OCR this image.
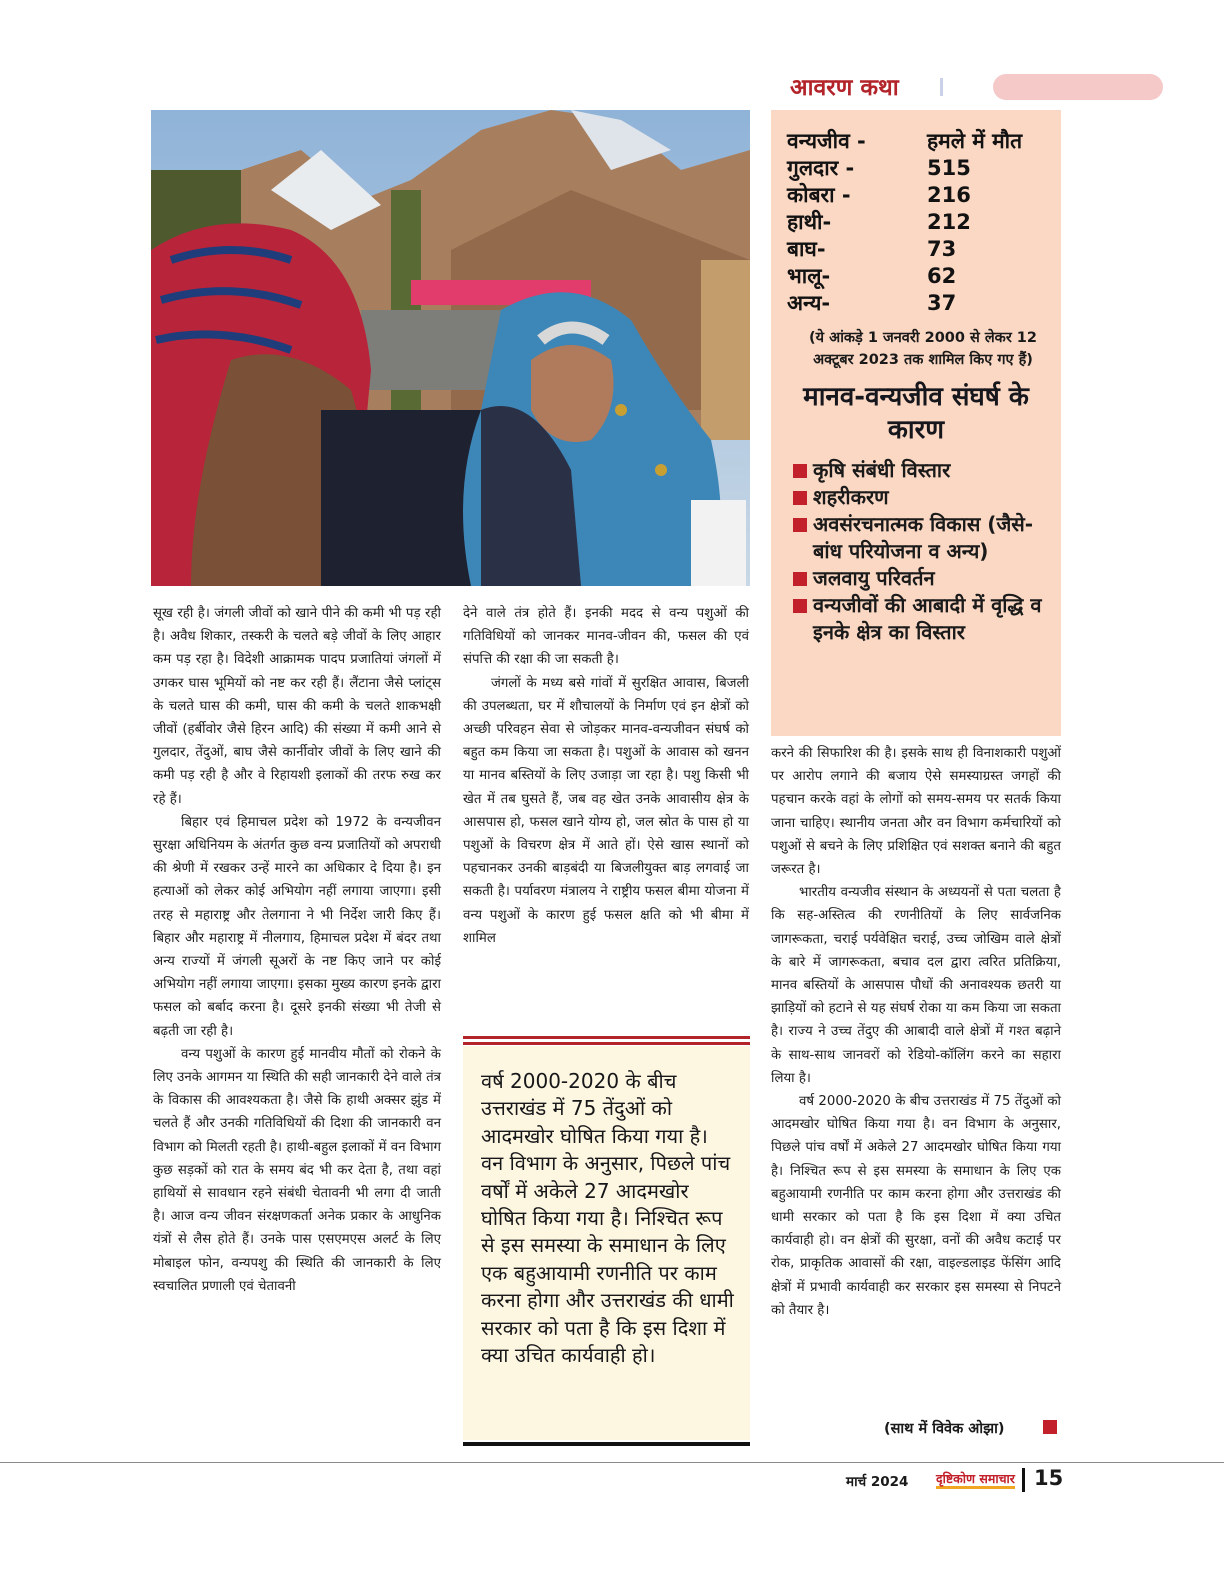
आवरण कथा
वन्यजीव -	हमले में मौत
गुलदार -	515
कोबरा -	216
हाथी-	212
बाघ-	73
भालू-	62
अन्य-	37
(ये आंकड़े 1 जनवरी 2000 से लेकर 12 अक्टूबर 2023 तक शामिल किए गए हैं)
मानव-वन्यजीव संघर्ष के कारण
कृषि संबंधी विस्तार
शहरीकरण
अवसंरचनात्मक विकास (जैसे-बांध परियोजना व अन्य)
जलवायु परिवर्तन
वन्यजीवों की आबादी में वृद्धि व इनके क्षेत्र का विस्तार

सूख रही है। जंगली जीवों को खाने पीने की कमी भी पड़ रही है। अवैध शिकार, तस्करी के चलते बड़े जीवों के लिए आहार कम पड़ रहा है। विदेशी आक्रामक पादप प्रजातियां जंगलों में उगकर घास भूमियों को नष्ट कर रही हैं। लैंटाना जैसे प्लांट्स के चलते घास की कमी, घास की कमी के चलते शाकभक्षी जीवों (हर्बीवोर जैसे हिरन आदि) की संख्या में कमी आने से गुलदार, तेंदुओं, बाघ जैसे कार्नीवोर जीवों के लिए खाने की कमी पड़ रही है और वे रिहायशी इलाकों की तरफ रुख कर रहे हैं।

बिहार एवं हिमाचल प्रदेश को 1972 के वन्यजीवन सुरक्षा अधिनियम के अंतर्गत कुछ वन्य प्रजातियों को अपराधी की श्रेणी में रखकर उन्हें मारने का अधिकार दे दिया है। इन हत्याओं को लेकर कोई अभियोग नहीं लगाया जाएगा। इसी तरह से महाराष्ट्र और तेलगाना ने भी निर्देश जारी किए हैं। बिहार और महाराष्ट्र में नीलगाय, हिमाचल प्रदेश में बंदर तथा अन्य राज्यों में जंगली सूअरों के नष्ट किए जाने पर कोई अभियोग नहीं लगाया जाएगा। इसका मुख्य कारण इनके द्वारा फसल को बर्बाद करना है। दूसरे इनकी संख्या भी तेजी से बढ़ती जा रही है।

वन्य पशुओं के कारण हुई मानवीय मौतों को रोकने के लिए उनके आगमन या स्थिति की सही जानकारी देने वाले तंत्र के विकास की आवश्यकता है। जैसे कि हाथी अक्सर झुंड में चलते हैं और उनकी गतिविधियों की दिशा की जानकारी वन विभाग को मिलती रहती है। हाथी-बहुल इलाकों में वन विभाग कुछ सड़कों को रात के समय बंद भी कर देता है, तथा वहां हाथियों से सावधान रहने संबंधी चेतावनी भी लगा दी जाती है। आज वन्य जीवन संरक्षणकर्ता अनेक प्रकार के आधुनिक यंत्रों से लैस होते हैं। उनके पास एसएमएस अलर्ट के लिए मोबाइल फोन, वन्यपशु की स्थिति की जानकारी के लिए स्वचालित प्रणाली एवं चेतावनी

देने वाले तंत्र होते हैं। इनकी मदद से वन्य पशुओं की गतिविधियों को जानकर मानव-जीवन की, फसल की एवं संपत्ति की रक्षा की जा सकती है।

जंगलों के मध्य बसे गांवों में सुरक्षित आवास, बिजली की उपलब्धता, घर में शौचालयों के निर्माण एवं इन क्षेत्रों को अच्छी परिवहन सेवा से जोड़कर मानव-वन्यजीवन संघर्ष को बहुत कम किया जा सकता है। पशुओं के आवास को खनन या मानव बस्तियों के लिए उजाड़ा जा रहा है। पशु किसी भी खेत में तब घुसते हैं, जब वह खेत उनके आवासीय क्षेत्र के आसपास हो, फसल खाने योग्य हो, जल स्रोत के पास हो या पशुओं के विचरण क्षेत्र में आते हों। ऐसे खास स्थानों को पहचानकर उनकी बाड़बंदी या बिजलीयुक्त बाड़ लगवाई जा सकती है। पर्यावरण मंत्रालय ने राष्ट्रीय फसल बीमा योजना में वन्य पशुओं के कारण हुई फसल क्षति को भी बीमा में शामिल

वर्ष 2000-2020 के बीच उत्तराखंड में 75 तेंदुओं को आदमखोर घोषित किया गया है। वन विभाग के अनुसार, पिछले पांच वर्षों में अकेले 27 आदमखोर घोषित किया गया है। निश्चित रूप से इस समस्या के समाधान के लिए एक बहुआयामी रणनीति पर काम करना होगा और उत्तराखंड की धामी सरकार को पता है कि इस दिशा में क्या उचित कार्यवाही हो।

करने की सिफारिश की है। इसके साथ ही विनाशकारी पशुओं पर आरोप लगाने की बजाय ऐसे समस्याग्रस्त जगहों की पहचान करके वहां के लोगों को समय-समय पर सतर्क किया जाना चाहिए। स्थानीय जनता और वन विभाग कर्मचारियों को पशुओं से बचने के लिए प्रशिक्षित एवं सशक्त बनाने की बहुत जरूरत है।

भारतीय वन्यजीव संस्थान के अध्ययनों से पता चलता है कि सह-अस्तित्व की रणनीतियों के लिए सार्वजनिक जागरूकता, चराई पर्यवेक्षित चराई, उच्च जोखिम वाले क्षेत्रों के बारे में जागरूकता, बचाव दल द्वारा त्वरित प्रतिक्रिया, मानव बस्तियों के आसपास पौधों की अनावश्यक छतरी या झाड़ियों को हटाने से यह संघर्ष रोका या कम किया जा सकता है। राज्य ने उच्च तेंदुए की आबादी वाले क्षेत्रों में गश्त बढ़ाने के साथ-साथ जानवरों को रेडियो-कॉलिंग करने का सहारा लिया है।

वर्ष 2000-2020 के बीच उत्तराखंड में 75 तेंदुओं को आदमखोर घोषित किया गया है। वन विभाग के अनुसार, पिछले पांच वर्षों में अकेले 27 आदमखोर घोषित किया गया है। निश्चित रूप से इस समस्या के समाधान के लिए एक बहुआयामी रणनीति पर काम करना होगा और उत्तराखंड की धामी सरकार को पता है कि इस दिशा में क्या उचित कार्यवाही हो। वन क्षेत्रों की सुरक्षा, वनों की अवैध कटाई पर रोक, प्राकृतिक आवासों की रक्षा, वाइल्डलाइड फेंसिंग आदि क्षेत्रों में प्रभावी कार्यवाही कर सरकार इस समस्या से निपटने को तैयार है।

(साथ में विवेक ओझा)
मार्च 2024 दृष्टिकोण समाचार 15
